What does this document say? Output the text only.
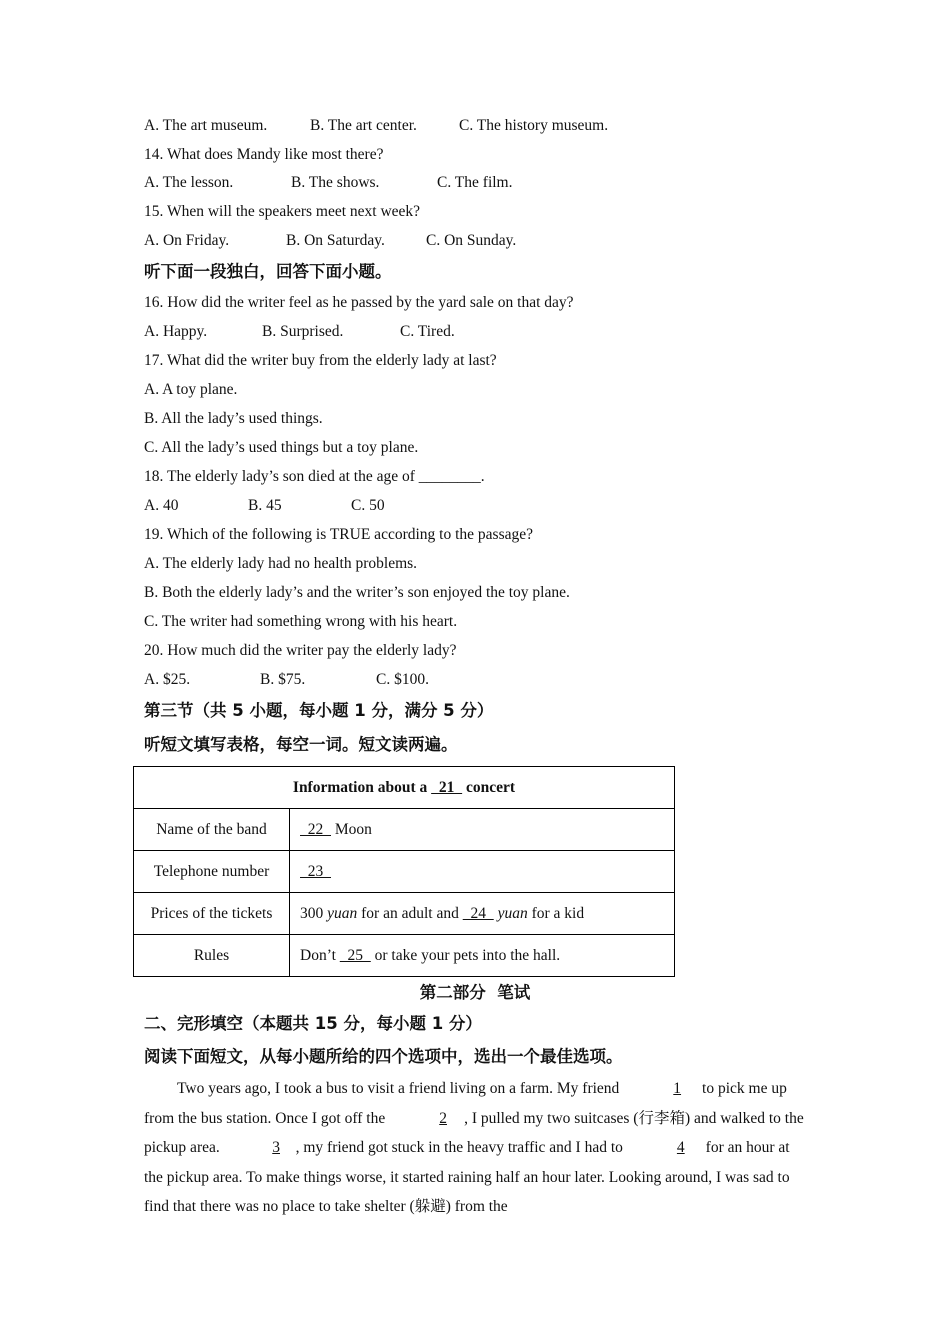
A. The art museum.	B. The art center.	C. The history museum.
14. What does Mandy like most there?
A. The lesson.	B. The shows.	C. The film.
15. When will the speakers meet next week?
A. On Friday.	B. On Saturday.	C. On Sunday.
听下面一段独白，回答下面小题。
16. How did the writer feel as he passed by the yard sale on that day?
A. Happy.	B. Surprised.	C. Tired.
17. What did the writer buy from the elderly lady at last?
A. A toy plane.
B. All the lady’s used things.
C. All the lady’s used things but a toy plane.
18. The elderly lady’s son died at the age of ________.
A. 40	B. 45	C. 50
19. Which of the following is TRUE according to the passage?
A. The elderly lady had no health problems.
B. Both the elderly lady’s and the writer’s son enjoyed the toy plane.
C. The writer had something wrong with his heart.
20. How much did the writer pay the elderly lady?
A. $25.	B. $75.	C. $100.
第三节（共 5 小题，每小题 1 分，满分 5 分）
听短文填写表格，每空一词。短文读两遍。
Information about a   21   concert	
Name of the band	22   Moon
Telephone number	23
Prices of the tickets	300 yuan for an adult and   24   yuan for a kid
Rules	Don’t   25   or take your pets into the hall.
第二部分  笔试
二、完形填空（本题共 15 分，每小题 1 分）
阅读下面短文，从每小题所给的四个选项中，选出一个最佳选项。
Two years ago, I took a bus to visit a friend living on a farm. My friend	1 to pick me up from the bus station. Once I got off the	2 , I pulled my two suitcases (行李箱) and walked to the pickup area.	3 , my friend got stuck in the heavy traffic and I had to	4 for an hour at the pickup area. To make things worse, it started raining half an hour later. Looking around, I was sad to find that there was no place to take shelter (躲避) from the
